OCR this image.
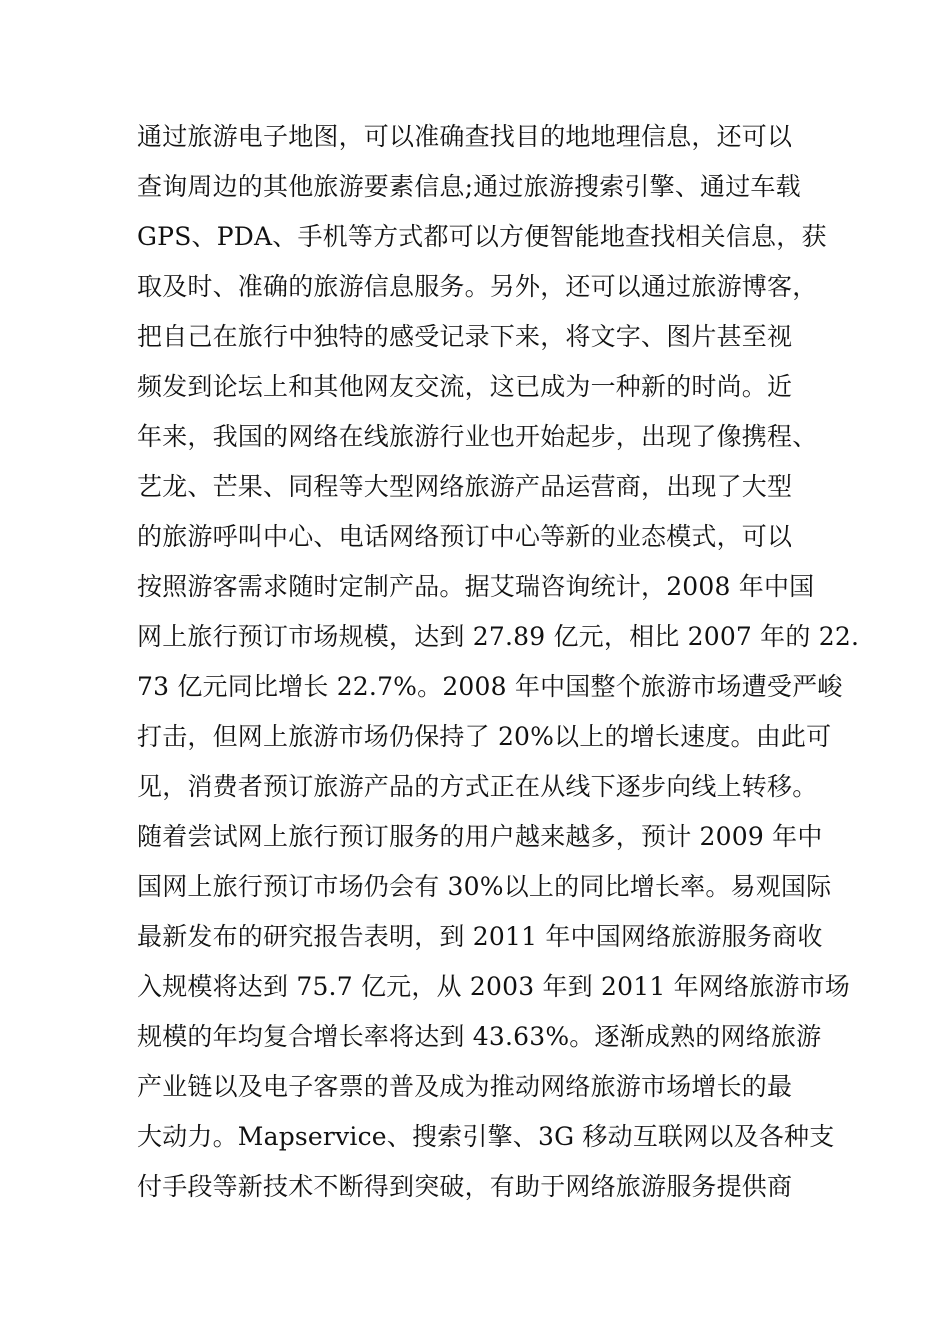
通过旅游电子地图，可以准确查找目的地地理信息，还可以
查询周边的其他旅游要素信息;通过旅游搜索引擎、通过车载
GPS、PDA、手机等方式都可以方便智能地查找相关信息，获
取及时、准确的旅游信息服务。另外，还可以通过旅游博客，
把自己在旅行中独特的感受记录下来，将文字、图片甚至视
频发到论坛上和其他网友交流，这已成为一种新的时尚。近
年来，我国的网络在线旅游行业也开始起步，出现了像携程、
艺龙、芒果、同程等大型网络旅游产品运营商，出现了大型
的旅游呼叫中心、电话网络预订中心等新的业态模式，可以
按照游客需求随时定制产品。据艾瑞咨询统计，2008 年中国
网上旅行预订市场规模，达到 27.89 亿元，相比 2007 年的 22.
73 亿元同比增长 22.7%。2008 年中国整个旅游市场遭受严峻
打击，但网上旅游市场仍保持了 20%以上的增长速度。由此可
见，消费者预订旅游产品的方式正在从线下逐步向线上转移。
随着尝试网上旅行预订服务的用户越来越多，预计 2009 年中
国网上旅行预订市场仍会有 30%以上的同比增长率。易观国际
最新发布的研究报告表明，到 2011 年中国网络旅游服务商收
入规模将达到 75.7 亿元，从 2003 年到 2011 年网络旅游市场
规模的年均复合增长率将达到 43.63%。逐渐成熟的网络旅游
产业链以及电子客票的普及成为推动网络旅游市场增长的最
大动力。Mapservice、搜索引擎、3G 移动互联网以及各种支
付手段等新技术不断得到突破，有助于网络旅游服务提供商
